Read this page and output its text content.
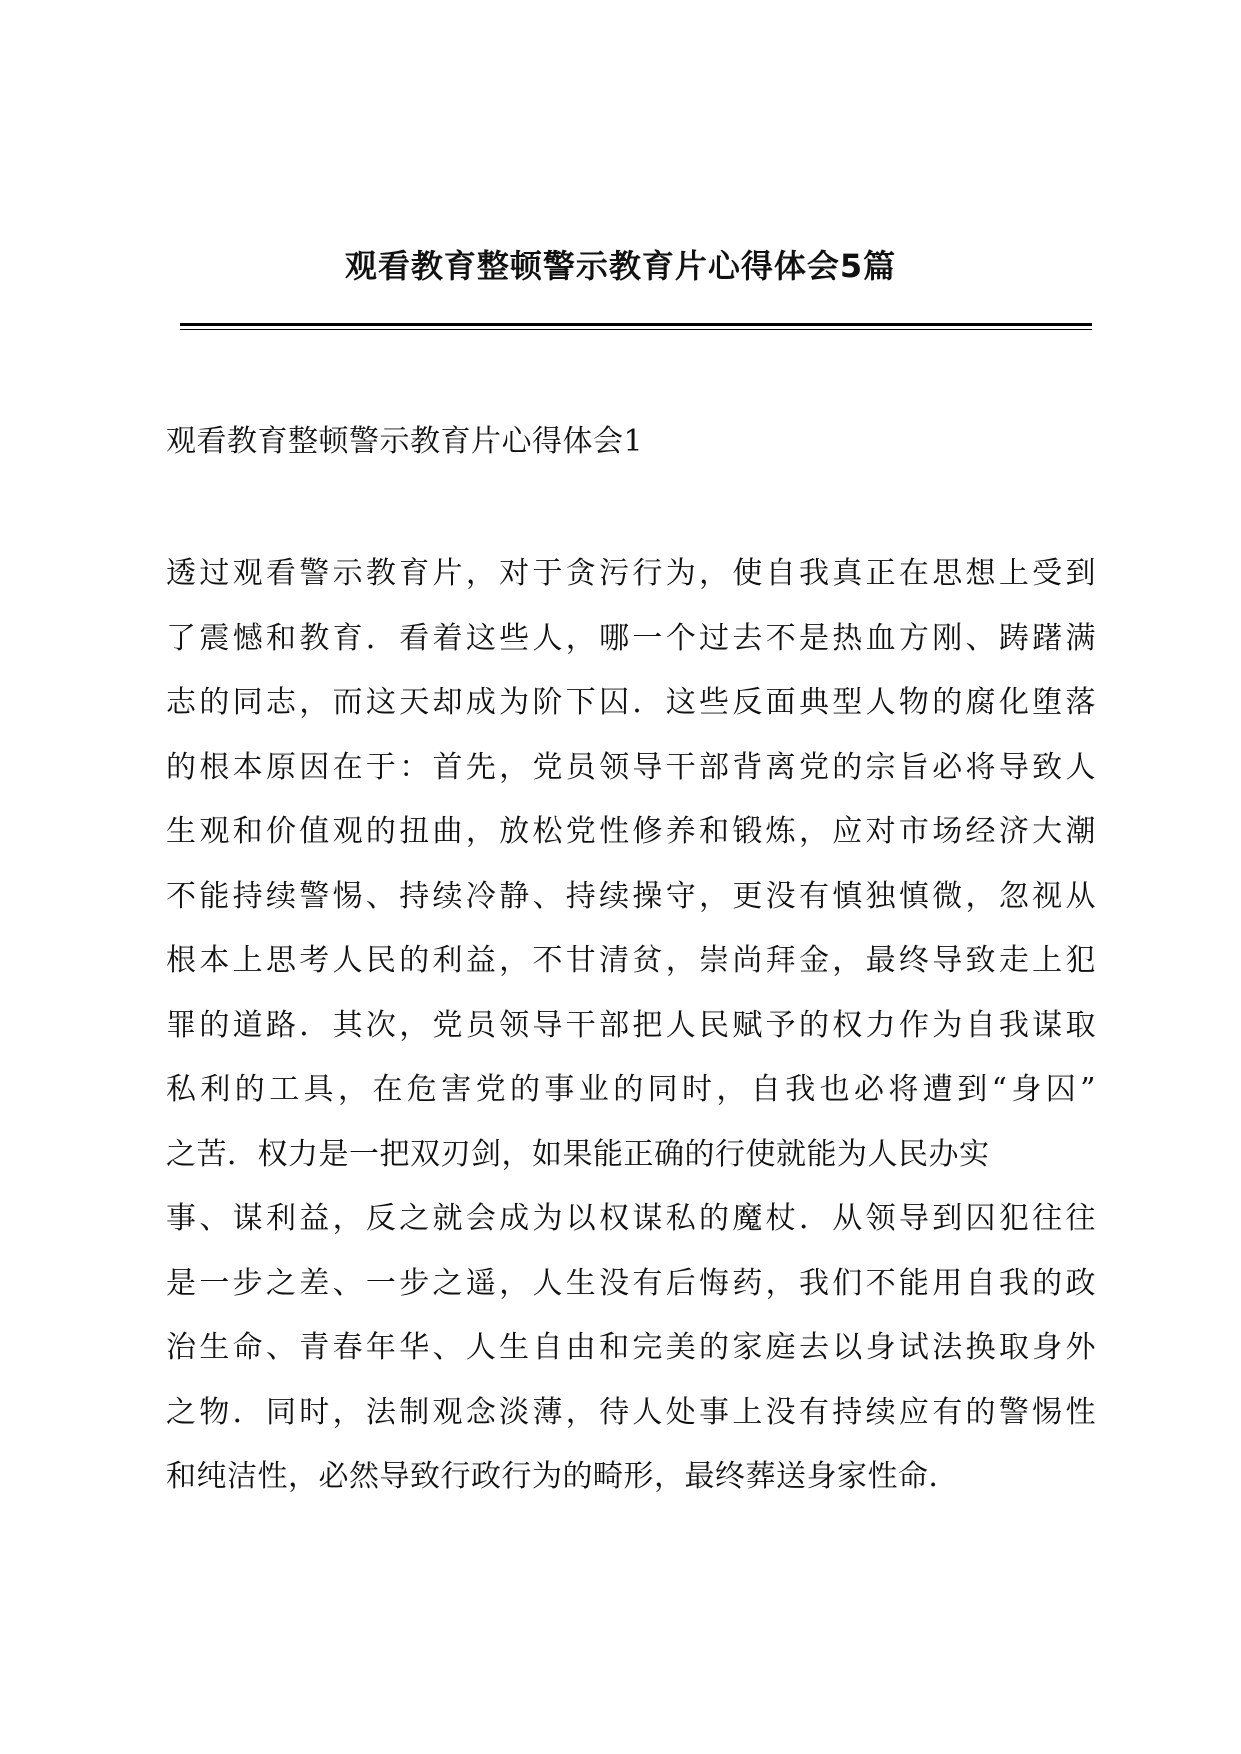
观看教育整顿警示教育片心得体会5篇
观看教育整顿警示教育片心得体会1
透过观看警示教育片，对于贪污行为，使自我真正在思想上受到
了震憾和教育．看着这些人，哪一个过去不是热血方刚、踌躇满
志的同志，而这天却成为阶下囚．这些反面典型人物的腐化堕落
的根本原因在于：首先，党员领导干部背离党的宗旨必将导致人
生观和价值观的扭曲，放松党性修养和锻炼，应对市场经济大潮
不能持续警惕、持续冷静、持续操守，更没有慎独慎微，忽视从
根本上思考人民的利益，不甘清贫，崇尚拜金，最终导致走上犯
罪的道路．其次，党员领导干部把人民赋予的权力作为自我谋取
私利的工具，在危害党的事业的同时，自我也必将遭到“身囚”
之苦．权力是一把双刃剑，如果能正确的行使就能为人民办实
事、谋利益，反之就会成为以权谋私的魔杖．从领导到囚犯往往
是一步之差、一步之遥，人生没有后悔药，我们不能用自我的政
治生命、青春年华、人生自由和完美的家庭去以身试法换取身外
之物．同时，法制观念淡薄，待人处事上没有持续应有的警惕性
和纯洁性，必然导致行政行为的畸形，最终葬送身家性命．
